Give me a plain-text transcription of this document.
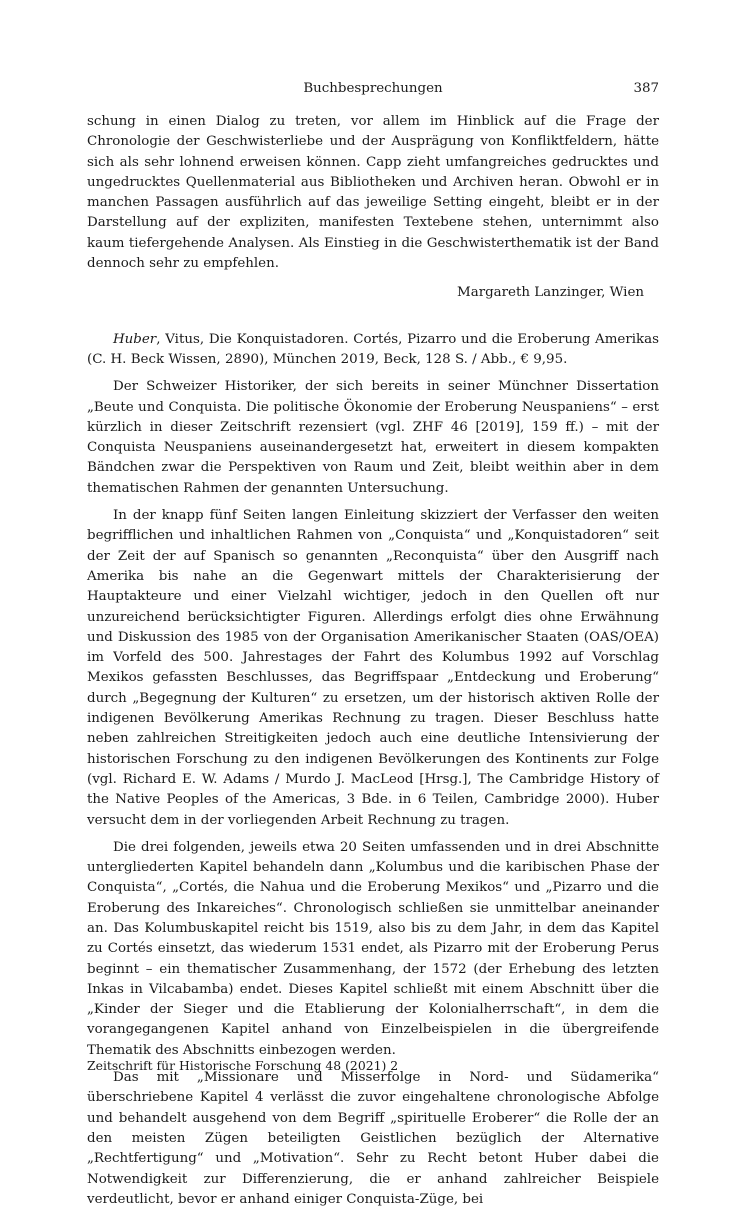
Buchbesprechungen	387

schung in einen Dialog zu treten, vor allem im Hinblick auf die Frage der Chronologie der Geschwisterliebe und der Ausprägung von Konfliktfeldern, hätte sich als sehr lohnend erweisen können. Capp zieht umfangreiches gedrucktes und ungedrucktes Quellenmaterial aus Bibliotheken und Archiven heran. Obwohl er in manchen Passagen ausführlich auf das jeweilige Setting eingeht, bleibt er in der Darstellung auf der expliziten, manifesten Textebene stehen, unternimmt also kaum tiefergehende Analysen. Als Einstieg in die Geschwisterthematik ist der Band dennoch sehr zu empfehlen.

Margareth Lanzinger, Wien

Huber, Vitus, Die Konquistadoren. Cortés, Pizarro und die Eroberung Amerikas (C. H. Beck Wissen, 2890), München 2019, Beck, 128 S. / Abb., € 9,95.

Der Schweizer Historiker, der sich bereits in seiner Münchner Dissertation „Beute und Conquista. Die politische Ökonomie der Eroberung Neuspaniens“ – erst kürzlich in dieser Zeitschrift rezensiert (vgl. ZHF 46 [2019], 159 ff.) – mit der Conquista Neuspaniens auseinandergesetzt hat, erweitert in diesem kompakten Bändchen zwar die Perspektiven von Raum und Zeit, bleibt weithin aber in dem thematischen Rahmen der genannten Untersuchung.

In der knapp fünf Seiten langen Einleitung skizziert der Verfasser den weiten begrifflichen und inhaltlichen Rahmen von „Conquista“ und „Konquistadoren“ seit der Zeit der auf Spanisch so genannten „Reconquista“ über den Ausgriff nach Amerika bis nahe an die Gegenwart mittels der Charakterisierung der Hauptakteure und einer Vielzahl wichtiger, jedoch in den Quellen oft nur unzureichend berücksichtigter Figuren. Allerdings erfolgt dies ohne Erwähnung und Diskussion des 1985 von der Organisation Amerikanischer Staaten (OAS/OEA) im Vorfeld des 500. Jahrestages der Fahrt des Kolumbus 1992 auf Vorschlag Mexikos gefassten Beschlusses, das Begriffspaar „Entdeckung und Eroberung“ durch „Begegnung der Kulturen“ zu ersetzen, um der historisch aktiven Rolle der indigenen Bevölkerung Amerikas Rechnung zu tragen. Dieser Beschluss hatte neben zahlreichen Streitigkeiten jedoch auch eine deutliche Intensivierung der historischen Forschung zu den indigenen Bevölkerungen des Kontinents zur Folge (vgl. Richard E. W. Adams / Murdo J. MacLeod [Hrsg.], The Cambridge History of the Native Peoples of the Americas, 3 Bde. in 6 Teilen, Cambridge 2000). Huber versucht dem in der vorliegenden Arbeit Rechnung zu tragen.

Die drei folgenden, jeweils etwa 20 Seiten umfassenden und in drei Abschnitte untergliederten Kapitel behandeln dann „Kolumbus und die karibischen Phase der Conquista“, „Cortés, die Nahua und die Eroberung Mexikos“ und „Pizarro und die Eroberung des Inkareiches“. Chronologisch schließen sie unmittelbar aneinander an. Das Kolumbuskapitel reicht bis 1519, also bis zu dem Jahr, in dem das Kapitel zu Cortés einsetzt, das wiederum 1531 endet, als Pizarro mit der Eroberung Perus beginnt – ein thematischer Zusammenhang, der 1572 (der Erhebung des letzten Inkas in Vilcabamba) endet. Dieses Kapitel schließt mit einem Abschnitt über die „Kinder der Sieger und die Etablierung der Kolonialherrschaft“, in dem die vorangegangenen Kapitel anhand von Einzelbeispielen in die übergreifende Thematik des Abschnitts einbezogen werden.

Das mit „Missionare und Misserfolge in Nord- und Südamerika“ überschriebene Kapitel 4 verlässt die zuvor eingehaltene chronologische Abfolge und behandelt ausgehend von dem Begriff „spirituelle Eroberer“ die Rolle der an den meisten Zügen beteiligten Geistlichen bezüglich der Alternative „Rechtfertigung“ und „Motivation“. Sehr zu Recht betont Huber dabei die Notwendigkeit zur Differenzierung, die er anhand zahlreicher Beispiele verdeutlicht, bevor er anhand einiger Conquista-Züge, bei

Zeitschrift für Historische Forschung 48 (2021) 2
